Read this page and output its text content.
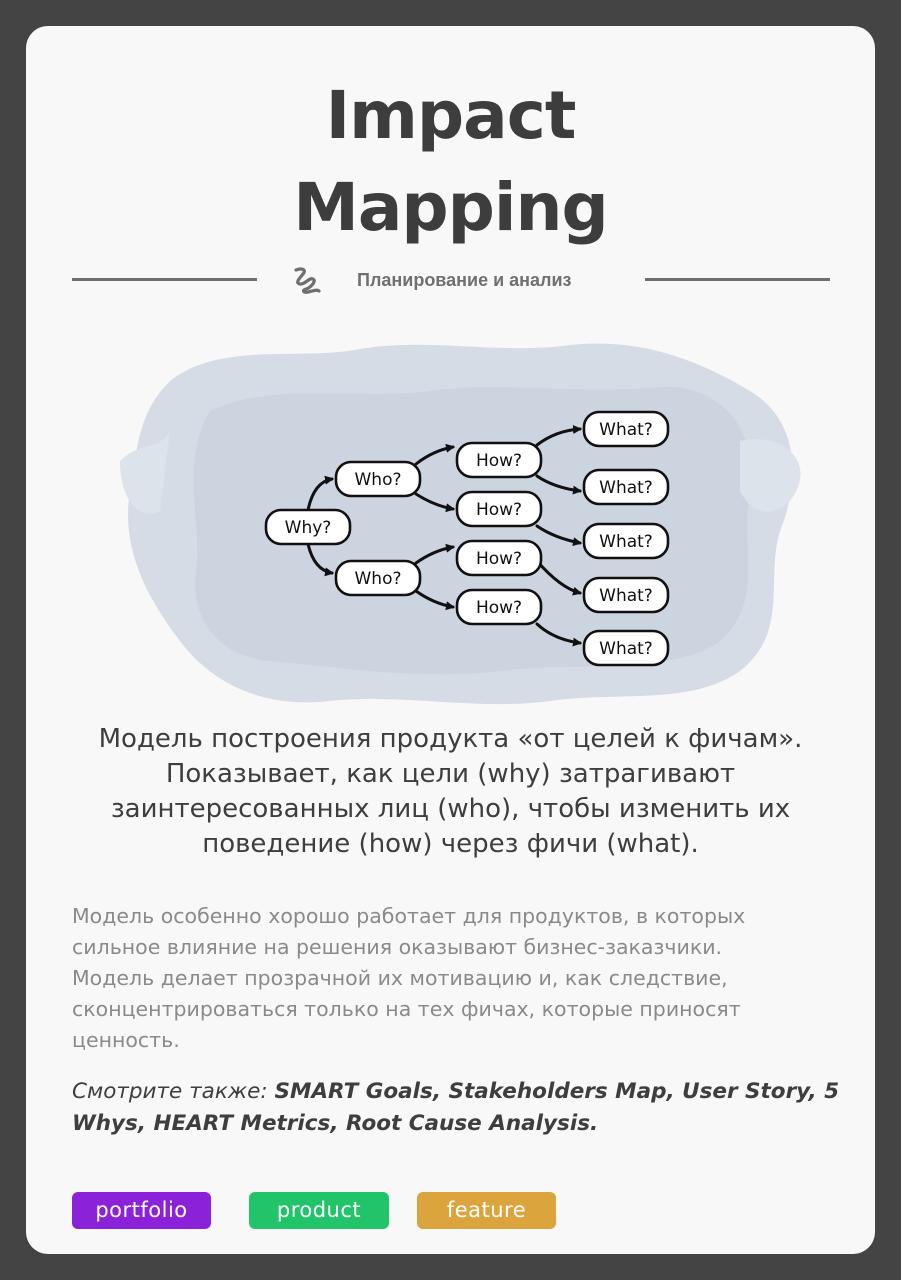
Impact
Mapping
Планирование и анализ
Why?
Who?
Who?
How?
How?
How?
How?
What?
What?
What?
What?
What?
Модель построения продукта «от целей к фичам».
Показывает, как цели (why) затрагивают
заинтересованных лиц (who), чтобы изменить их
поведение (how) через фичи (what).
Модель особенно хорошо работает для продуктов, в которых
сильное влияние на решения оказывают бизнес-заказчики.
Модель делает прозрачной их мотивацию и, как следствие,
сконцентрироваться только на тех фичах, которые приносят
ценность.
Смотрите также: SMART Goals, Stakeholders Map, User Story, 5
Whys, HEART Metrics, Root Cause Analysis.
portfolio	product	feature
